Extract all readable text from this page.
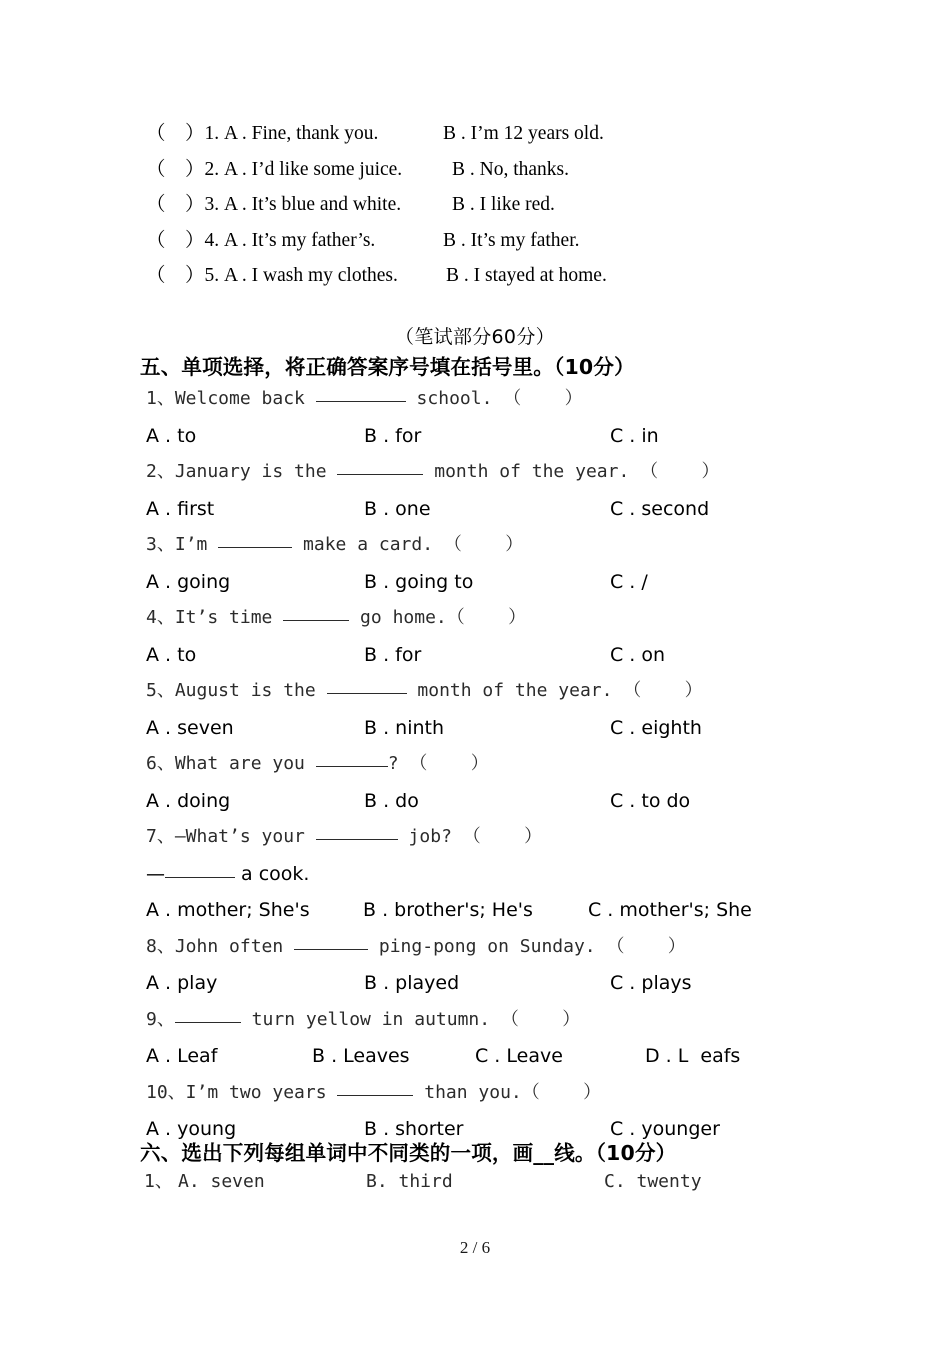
（    ）1. A . Fine, thank you.

	B . I’m 12 years old.

（    ）2. A . I’d like some juice.

	B . No, thanks.

（    ）3. A . It’s blue and white.

	B . I like red.

（    ）4. A . It’s my father’s.

	B . It’s my father.

（    ）5. A . I wash my clothes.

B . I stayed at home.

（笔试部分60分）
五、单项选择，将正确答案序号填在括号里。（10分）
1、Welcome back	school. （    ）

A . to

	B . for

	C . in

2、January is the	month of the year. （    ）

A . first

	B . one

	C . second

3、I’m	make a card. （    ）

A . going

	B . going to

	C . /

4、It’s time	go home.（    ）

A . to

	B . for

	C . on

5、August is the	month of the year. （    ）

A . seven

	B . ninth

	C . eighth

6、What are you	? （    ）

A . doing

	B . do

	C . to do

7、—What’s your	job? （    ）
—	a cook.

A . mother; She's

	B . brother's; He's

	C . mother's; She

8、John often	ping-pong on Sunday. （    ）

A . play

	B . played

	C . plays

9、	turn yellow in autumn. （    ）

A . Leaf

	B . Leaves

	C . Leave

	D . L  eafs

10、I’m two years	than you.（    ）

A . young

	B . shorter

	C . younger

六、选出下列每组单词中不同类的一项，画__线。（10分）

1、

A. seven

	B. third

	C. twenty

2 / 6
